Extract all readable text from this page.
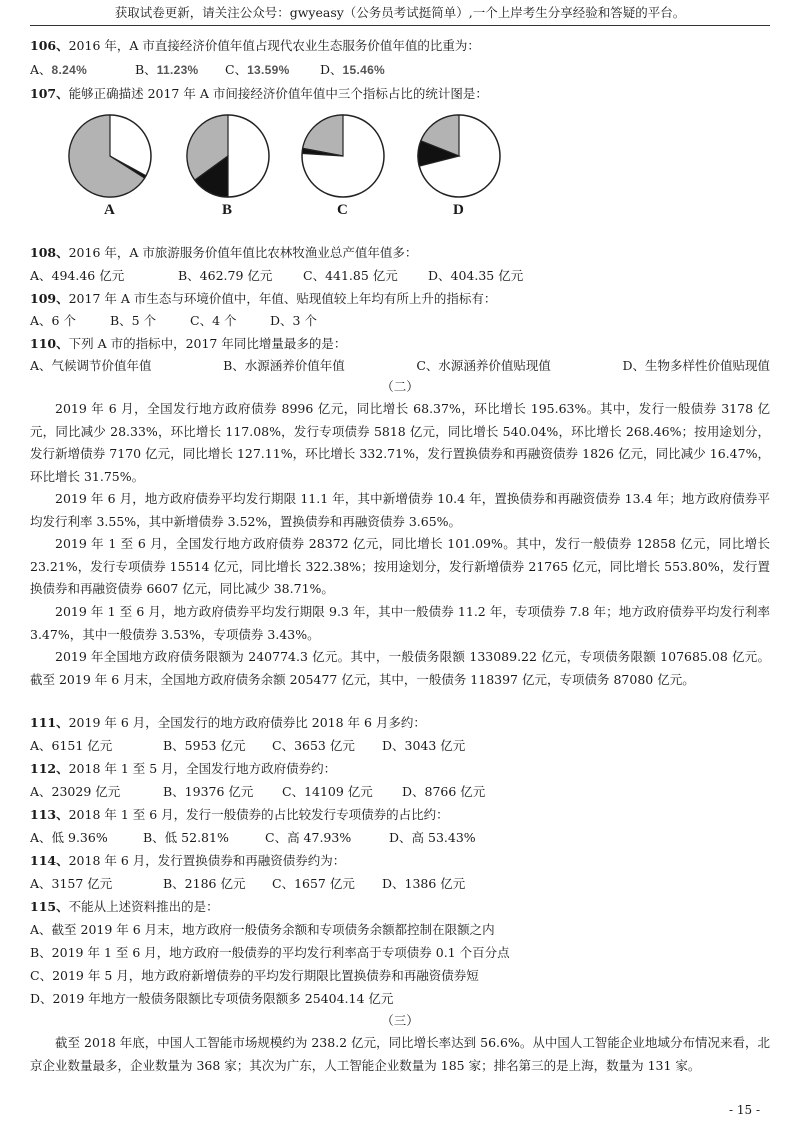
获取试卷更新，请关注公众号：gwyeasy（公务员考试挺简单）,一个上岸考生分享经验和答疑的平台。
106、2016 年，A 市直接经济价值年值占现代农业生态服务价值年值的比重为：
A、8.24%	B、11.23% C、13.59% D、15.46%
107、能够正确描述 2017 年 A 市间接经济价值年值中三个指标占比的统计图是：
A	B	C	D
108、2016 年，A 市旅游服务价值年值比农林牧渔业总产值年值多：
A、494.46 亿元	B、462.79 亿元 C、441.85 亿元 D、404.35 亿元
109、2017 年 A 市生态与环境价值中，年值、贴现值较上年均有所上升的指标有：
A、6 个	B、5 个	C、4 个	D、3 个
110、下列 A 市的指标中，2017 年同比增量最多的是：
A、气候调节价值年值	B、水源涵养价值年值	C、水源涵养价值贴现值	D、生物多样性价值贴现值
（二）
2019 年 6 月，全国发行地方政府债券 8996 亿元，同比增长 68.37%，环比增长 195.63%。其中，发行一般债券 3178 亿元，同比减少 28.33%，环比增长 117.08%，发行专项债券 5818 亿元，同比增长 540.04%，环比增长 268.46%；按用途划分，发行新增债券 7170 亿元，同比增长 127.11%，环比增长 332.71%，发行置换债券和再融资债券 1826 亿元，同比减少 16.47%，环比增长 31.75%。
2019 年 6 月，地方政府债券平均发行期限 11.1 年，其中新增债券 10.4 年，置换债券和再融资债券 13.4 年；地方政府债券平均发行利率 3.55%，其中新增债券 3.52%，置换债券和再融资债券 3.65%。
2019 年 1 至 6 月，全国发行地方政府债券 28372 亿元，同比增长 101.09%。其中，发行一般债券 12858 亿元，同比增长 23.21%，发行专项债券 15514 亿元，同比增长 322.38%；按用途划分，发行新增债券 21765 亿元，同比增长 553.80%，发行置换债券和再融资债券 6607 亿元，同比减少 38.71%。
2019 年 1 至 6 月，地方政府债券平均发行期限 9.3 年，其中一般债券 11.2 年，专项债券 7.8 年；地方政府债券平均发行利率 3.47%，其中一般债券 3.53%，专项债券 3.43%。
2019 年全国地方政府债务限额为 240774.3 亿元。其中，一般债务限额 133089.22 亿元，专项债务限额 107685.08 亿元。截至 2019 年 6 月末，全国地方政府债务余额 205477 亿元，其中，一般债务 118397 亿元，专项债务 87080 亿元。
111、2019 年 6 月，全国发行的地方政府债券比 2018 年 6 月多约：
A、6151 亿元	B、5953 亿元 C、3653 亿元 D、3043 亿元
112、2018 年 1 至 5 月，全国发行地方政府债券约：
A、23029 亿元	B、19376 亿元 C、14109 亿元 D、8766 亿元
113、2018 年 1 至 6 月，发行一般债券的占比较发行专项债券的占比约：
A、低 9.36%	B、低 52.81%	C、高 47.93%	D、高 53.43%
114、2018 年 6 月，发行置换债券和再融资债券约为：
A、3157 亿元	B、2186 亿元 C、1657 亿元 D、1386 亿元
115、不能从上述资料推出的是：
A、截至 2019 年 6 月末，地方政府一般债务余额和专项债务余额都控制在限额之内
B、2019 年 1 至 6 月，地方政府一般债券的平均发行利率高于专项债券 0.1 个百分点
C、2019 年 5 月，地方政府新增债券的平均发行期限比置换债券和再融资债券短
D、2019 年地方一般债务限额比专项债务限额多 25404.14 亿元
（三）
截至 2018 年底，中国人工智能市场规模约为 238.2 亿元，同比增长率达到 56.6%。从中国人工智能企业地域分布情况来看，北京企业数量最多，企业数量为 368 家；其次为广东，人工智能企业数量为 185 家；排名第三的是上海，数量为 131 家。
- 15 -
